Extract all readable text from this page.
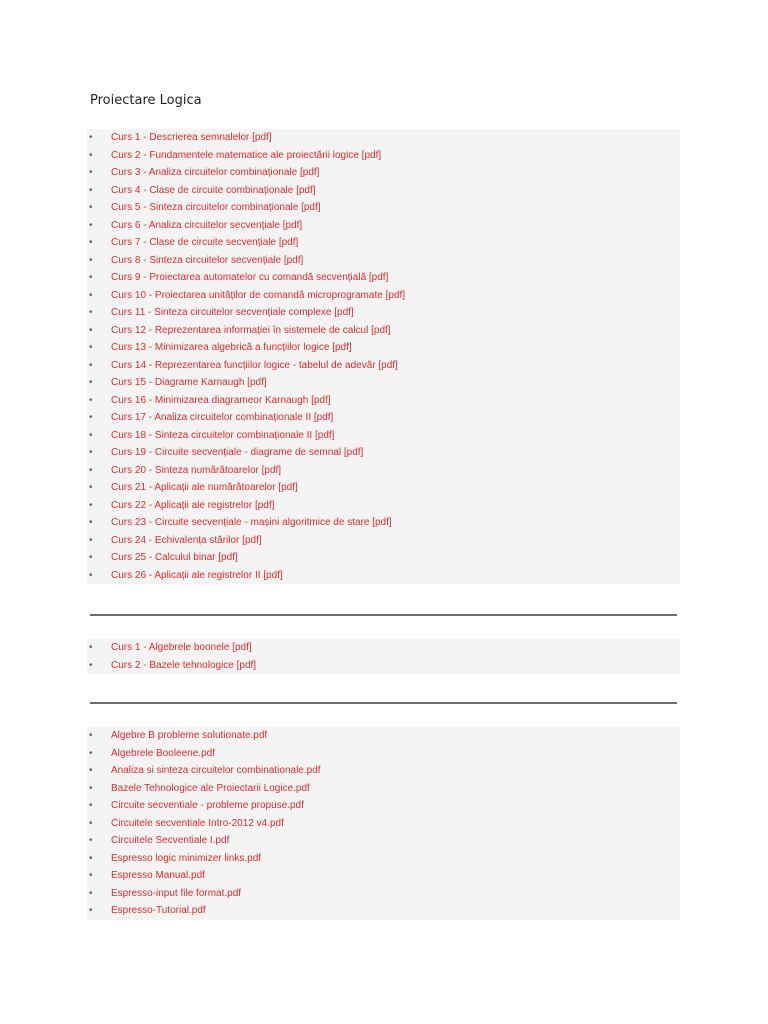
Proiectare Logica
• Curs 1 - Descrierea semnalelor [pdf]
• Curs 2 - Fundamentele matematice ale proiectării logice [pdf]
• Curs 3 - Analiza circuitelor combinaționale [pdf]
• Curs 4 - Clase de circuite combinaționale [pdf]
• Curs 5 - Sinteza circuitelor combinaționale [pdf]
• Curs 6 - Analiza circuitelor secvențiale [pdf]
• Curs 7 - Clase de circuite secvențiale [pdf]
• Curs 8 - Sinteza circuitelor secvențiale [pdf]
• Curs 9 - Proiectarea automatelor cu comandă secvențială [pdf]
• Curs 10 - Proiectarea unităților de comandă microprogramate [pdf]
• Curs 11 - Sinteza circuitelor secvențiale complexe [pdf]
• Curs 12 - Reprezentarea informației în sistemele de calcul [pdf]
• Curs 13 - Minimizarea algebrică a funcțiilor logice [pdf]
• Curs 14 - Reprezentarea funcțiilor logice - tabelul de adevăr [pdf]
• Curs 15 - Diagrame Karnaugh [pdf]
• Curs 16 - Minimizarea diagrameor Karnaugh [pdf]
• Curs 17 - Analiza circuitelor combinaționale II [pdf]
• Curs 18 - Sinteza circuitelor combinaționale II [pdf]
• Curs 19 - Circuite secvențiale - diagrame de semnal [pdf]
• Curs 20 - Sinteza numărătoarelor [pdf]
• Curs 21 - Aplicații ale numărătoarelor [pdf]
• Curs 22 - Aplicații ale registrelor [pdf]
• Curs 23 - Circuite secvențiale - mașini algoritmice de stare [pdf]
• Curs 24 - Echivalența stărilor [pdf]
• Curs 25 - Calculul binar [pdf]
• Curs 26 - Aplicații ale registrelor II [pdf]
• Curs 1 - Algebrele boonele [pdf]
• Curs 2 - Bazele tehnologice [pdf]
• Algebre B probleme solutionate.pdf
• Algebrele Booleene.pdf
• Analiza si sinteza circuitelor combinationale.pdf
• Bazele Tehnologice ale Proiectarii Logice.pdf
• Circuite secventiale - probleme propuse.pdf
• Circuitele secventiale Intro-2012 v4.pdf
• Circuitele Secventiale I.pdf
• Espresso logic minimizer links.pdf
• Espresso Manual.pdf
• Espresso-input file format.pdf
• Espresso-Tutorial.pdf
